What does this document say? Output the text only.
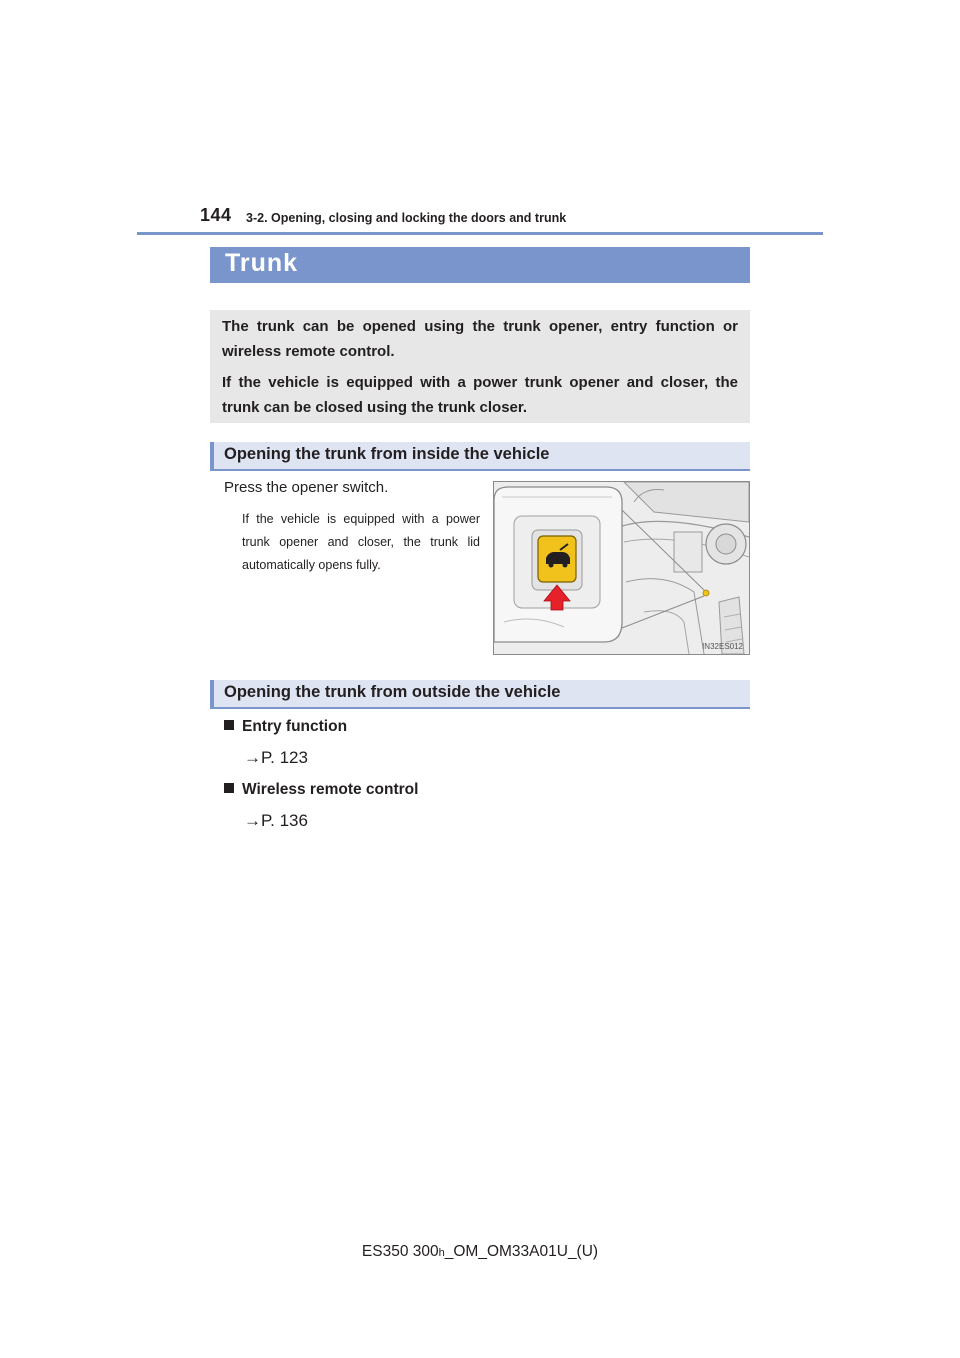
144 3-2. Opening, closing and locking the doors and trunk
Trunk

The trunk can be opened using the trunk opener, entry function or wireless remote control.

If the vehicle is equipped with a power trunk opener and closer, the trunk can be closed using the trunk closer.

Opening the trunk from inside the vehicle
Press the opener switch.

If the vehicle is equipped with a power trunk opener and closer, the trunk lid automatically opens fully.

IN32ES012
Opening the trunk from outside the vehicle
Entry function
→P. 123
Wireless remote control
→P. 136
ES350 300h_OM_OM33A01U_(U)
